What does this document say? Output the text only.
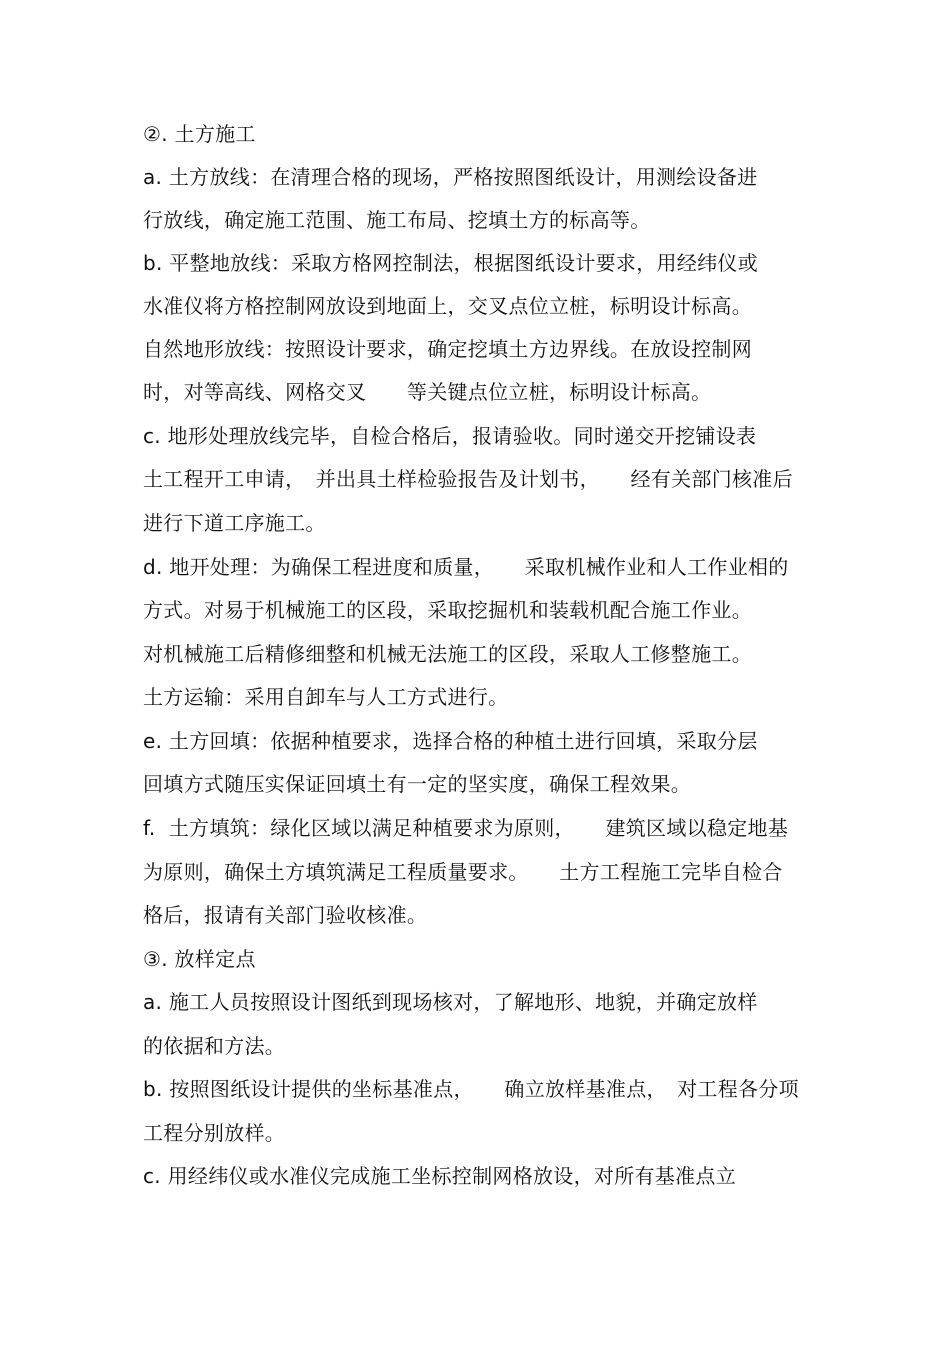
②. 土方施工
a. 土方放线：在清理合格的现场，严格按照图纸设计，用测绘设备进
行放线，确定施工范围、施工布局、挖填土方的标高等。
b. 平整地放线：采取方格网控制法，根据图纸设计要求，用经纬仪或
水准仪将方格控制网放设到地面上，交叉点位立桩，标明设计标高。
自然地形放线：按照设计要求，确定挖填土方边界线。在放设控制网
时，对等高线、网格交叉　　等关键点位立桩，标明设计标高。
c. 地形处理放线完毕，自检合格后，报请验收。同时递交开挖铺设表
土工程开工申请，　并出具土样检验报告及计划书，　　经有关部门核准后
进行下道工序施工。
d. 地开处理：为确保工程进度和质量，　　采取机械作业和人工作业相的
方式。对易于机械施工的区段，采取挖掘机和装载机配合施工作业。
对机械施工后精修细整和机械无法施工的区段，采取人工修整施工。
土方运输：采用自卸车与人工方式进行。
e. 土方回填：依据种植要求，选择合格的种植土进行回填，采取分层
回填方式随压实保证回填土有一定的坚实度，确保工程效果。
f.  土方填筑：绿化区域以满足种植要求为原则，　　建筑区域以稳定地基
为原则，确保土方填筑满足工程质量要求。　　土方工程施工完毕自检合
格后，报请有关部门验收核准。
③. 放样定点
a. 施工人员按照设计图纸到现场核对，了解地形、地貌，并确定放样
的依据和方法。
b. 按照图纸设计提供的坐标基准点，　　确立放样基准点，　对工程各分项
工程分别放样。
c. 用经纬仪或水准仪完成施工坐标控制网格放设，对所有基准点立
